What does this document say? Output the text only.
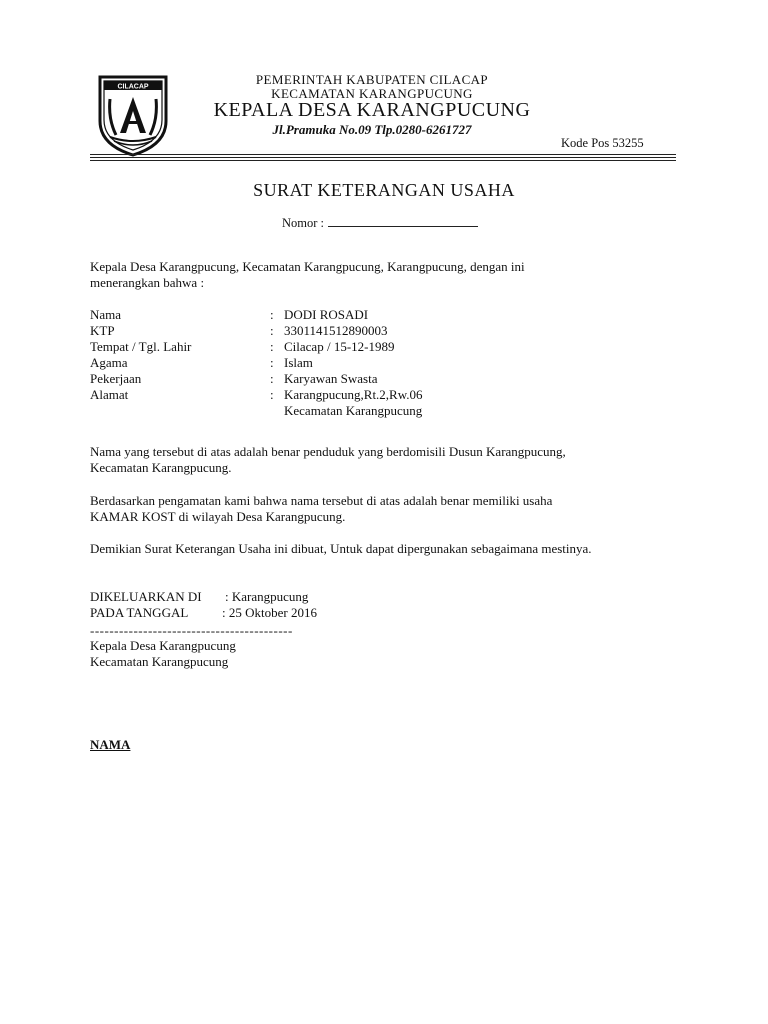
CILACAP	PEMERINTAH KABUPATEN CILACAP
KECAMATAN KARANGPUCUNG
KEPALA DESA KARANGPUCUNG
Jl.Pramuka No.09 Tlp.0280-6261727
Kode Pos 53255
SURAT KETERANGAN USAHA
Nomor :
Kepala Desa Karangpucung, Kecamatan Karangpucung, Karangpucung, dengan ini
menerangkan bahwa :
Nama	: DODI ROSADI
KTP	: 3301141512890003
Tempat / Tgl. Lahir	: Cilacap / 15-12-1989
Agama	: Islam
Pekerjaan	: Karyawan Swasta
Alamat	: Karangpucung,Rt.2,Rw.06
Kecamatan Karangpucung
Nama yang tersebut di atas adalah benar penduduk yang berdomisili Dusun Karangpucung,
Kecamatan Karangpucung.
Berdasarkan pengamatan kami bahwa nama tersebut di atas adalah benar memiliki usaha
KAMAR KOST di wilayah Desa Karangpucung.
Demikian Surat Keterangan Usaha ini dibuat, Untuk dapat dipergunakan sebagaimana mestinya.
DIKELUARKAN DI : Karangpucung
PADA TANGGAL	: 25 Oktober 2016
------------------------------------------
Kepala Desa Karangpucung
Kecamatan Karangpucung
NAMA
